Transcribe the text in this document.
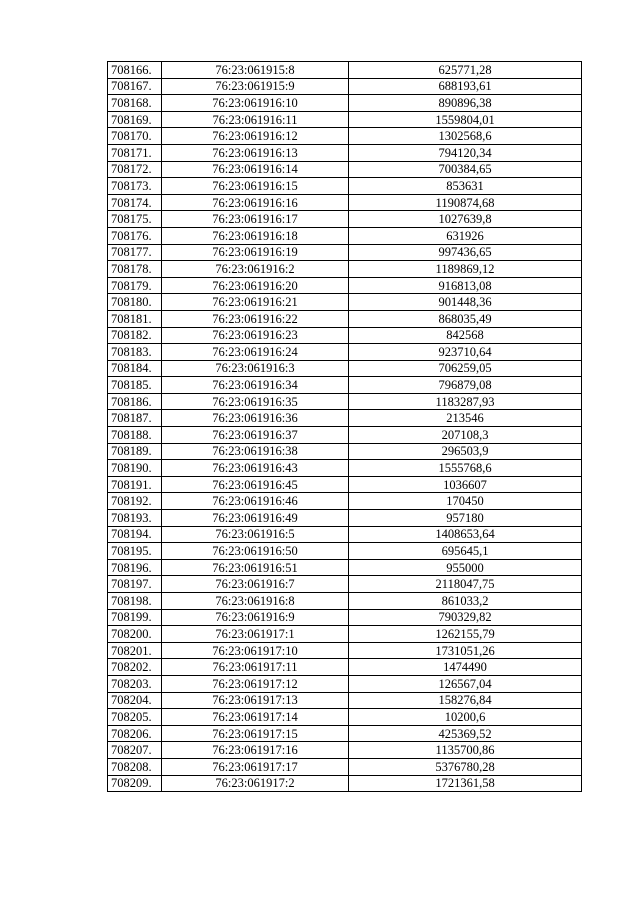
708166.	76:23:061915:8	625771,28
708167.	76:23:061915:9	688193,61
708168.	76:23:061916:10	890896,38
708169.	76:23:061916:11	1559804,01
708170.	76:23:061916:12	1302568,6
708171.	76:23:061916:13	794120,34
708172.	76:23:061916:14	700384,65
708173.	76:23:061916:15	853631
708174.	76:23:061916:16	1190874,68
708175.	76:23:061916:17	1027639,8
708176.	76:23:061916:18	631926
708177.	76:23:061916:19	997436,65
708178.	76:23:061916:2	1189869,12
708179.	76:23:061916:20	916813,08
708180.	76:23:061916:21	901448,36
708181.	76:23:061916:22	868035,49
708182.	76:23:061916:23	842568
708183.	76:23:061916:24	923710,64
708184.	76:23:061916:3	706259,05
708185.	76:23:061916:34	796879,08
708186.	76:23:061916:35	1183287,93
708187.	76:23:061916:36	213546
708188.	76:23:061916:37	207108,3
708189.	76:23:061916:38	296503,9
708190.	76:23:061916:43	1555768,6
708191.	76:23:061916:45	1036607
708192.	76:23:061916:46	170450
708193.	76:23:061916:49	957180
708194.	76:23:061916:5	1408653,64
708195.	76:23:061916:50	695645,1
708196.	76:23:061916:51	955000
708197.	76:23:061916:7	2118047,75
708198.	76:23:061916:8	861033,2
708199.	76:23:061916:9	790329,82
708200.	76:23:061917:1	1262155,79
708201.	76:23:061917:10	1731051,26
708202.	76:23:061917:11	1474490
708203.	76:23:061917:12	126567,04
708204.	76:23:061917:13	158276,84
708205.	76:23:061917:14	10200,6
708206.	76:23:061917:15	425369,52
708207.	76:23:061917:16	1135700,86
708208.	76:23:061917:17	5376780,28
708209.	76:23:061917:2	1721361,58
